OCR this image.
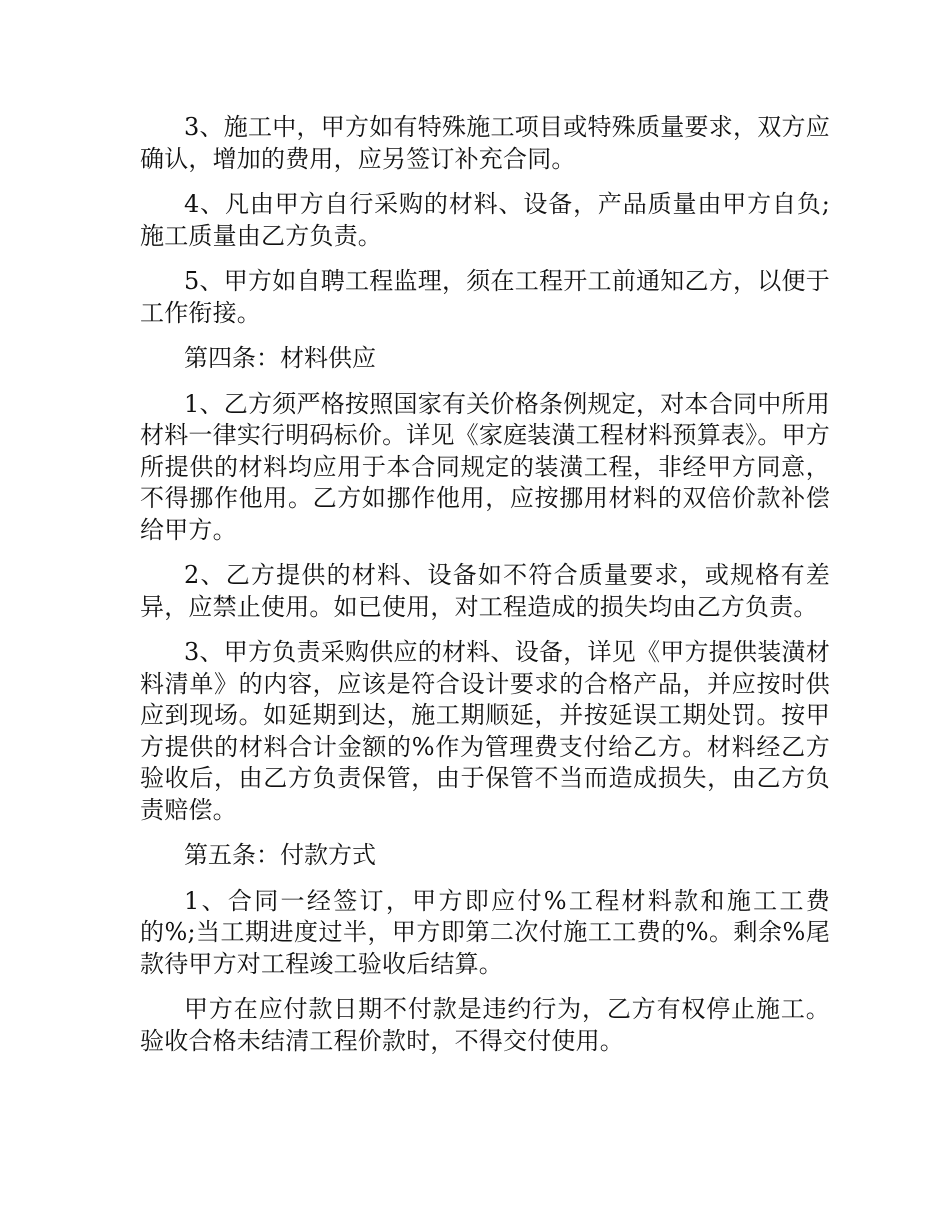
3、施工中，甲方如有特殊施工项目或特殊质量要求，双方应确认，增加的费用，应另签订补充合同。

4、凡由甲方自行采购的材料、设备，产品质量由甲方自负;施工质量由乙方负责。

5、甲方如自聘工程监理，须在工程开工前通知乙方，以便于工作衔接。

第四条：材料供应

1、乙方须严格按照国家有关价格条例规定，对本合同中所用材料一律实行明码标价。详见《家庭装潢工程材料预算表》。甲方所提供的材料均应用于本合同规定的装潢工程，非经甲方同意，不得挪作他用。乙方如挪作他用，应按挪用材料的双倍价款补偿给甲方。

2、乙方提供的材料、设备如不符合质量要求，或规格有差异，应禁止使用。如已使用，对工程造成的损失均由乙方负责。

3、甲方负责采购供应的材料、设备，详见《甲方提供装潢材料清单》的内容，应该是符合设计要求的合格产品，并应按时供应到现场。如延期到达，施工期顺延，并按延误工期处罚。按甲方提供的材料合计金额的%作为管理费支付给乙方。材料经乙方验收后，由乙方负责保管，由于保管不当而造成损失，由乙方负责赔偿。

第五条：付款方式

1、合同一经签订，甲方即应付%工程材料款和施工工费的%;当工期进度过半，甲方即第二次付施工工费的%。剩余%尾款待甲方对工程竣工验收后结算。

甲方在应付款日期不付款是违约行为，乙方有权停止施工。验收合格未结清工程价款时，不得交付使用。
